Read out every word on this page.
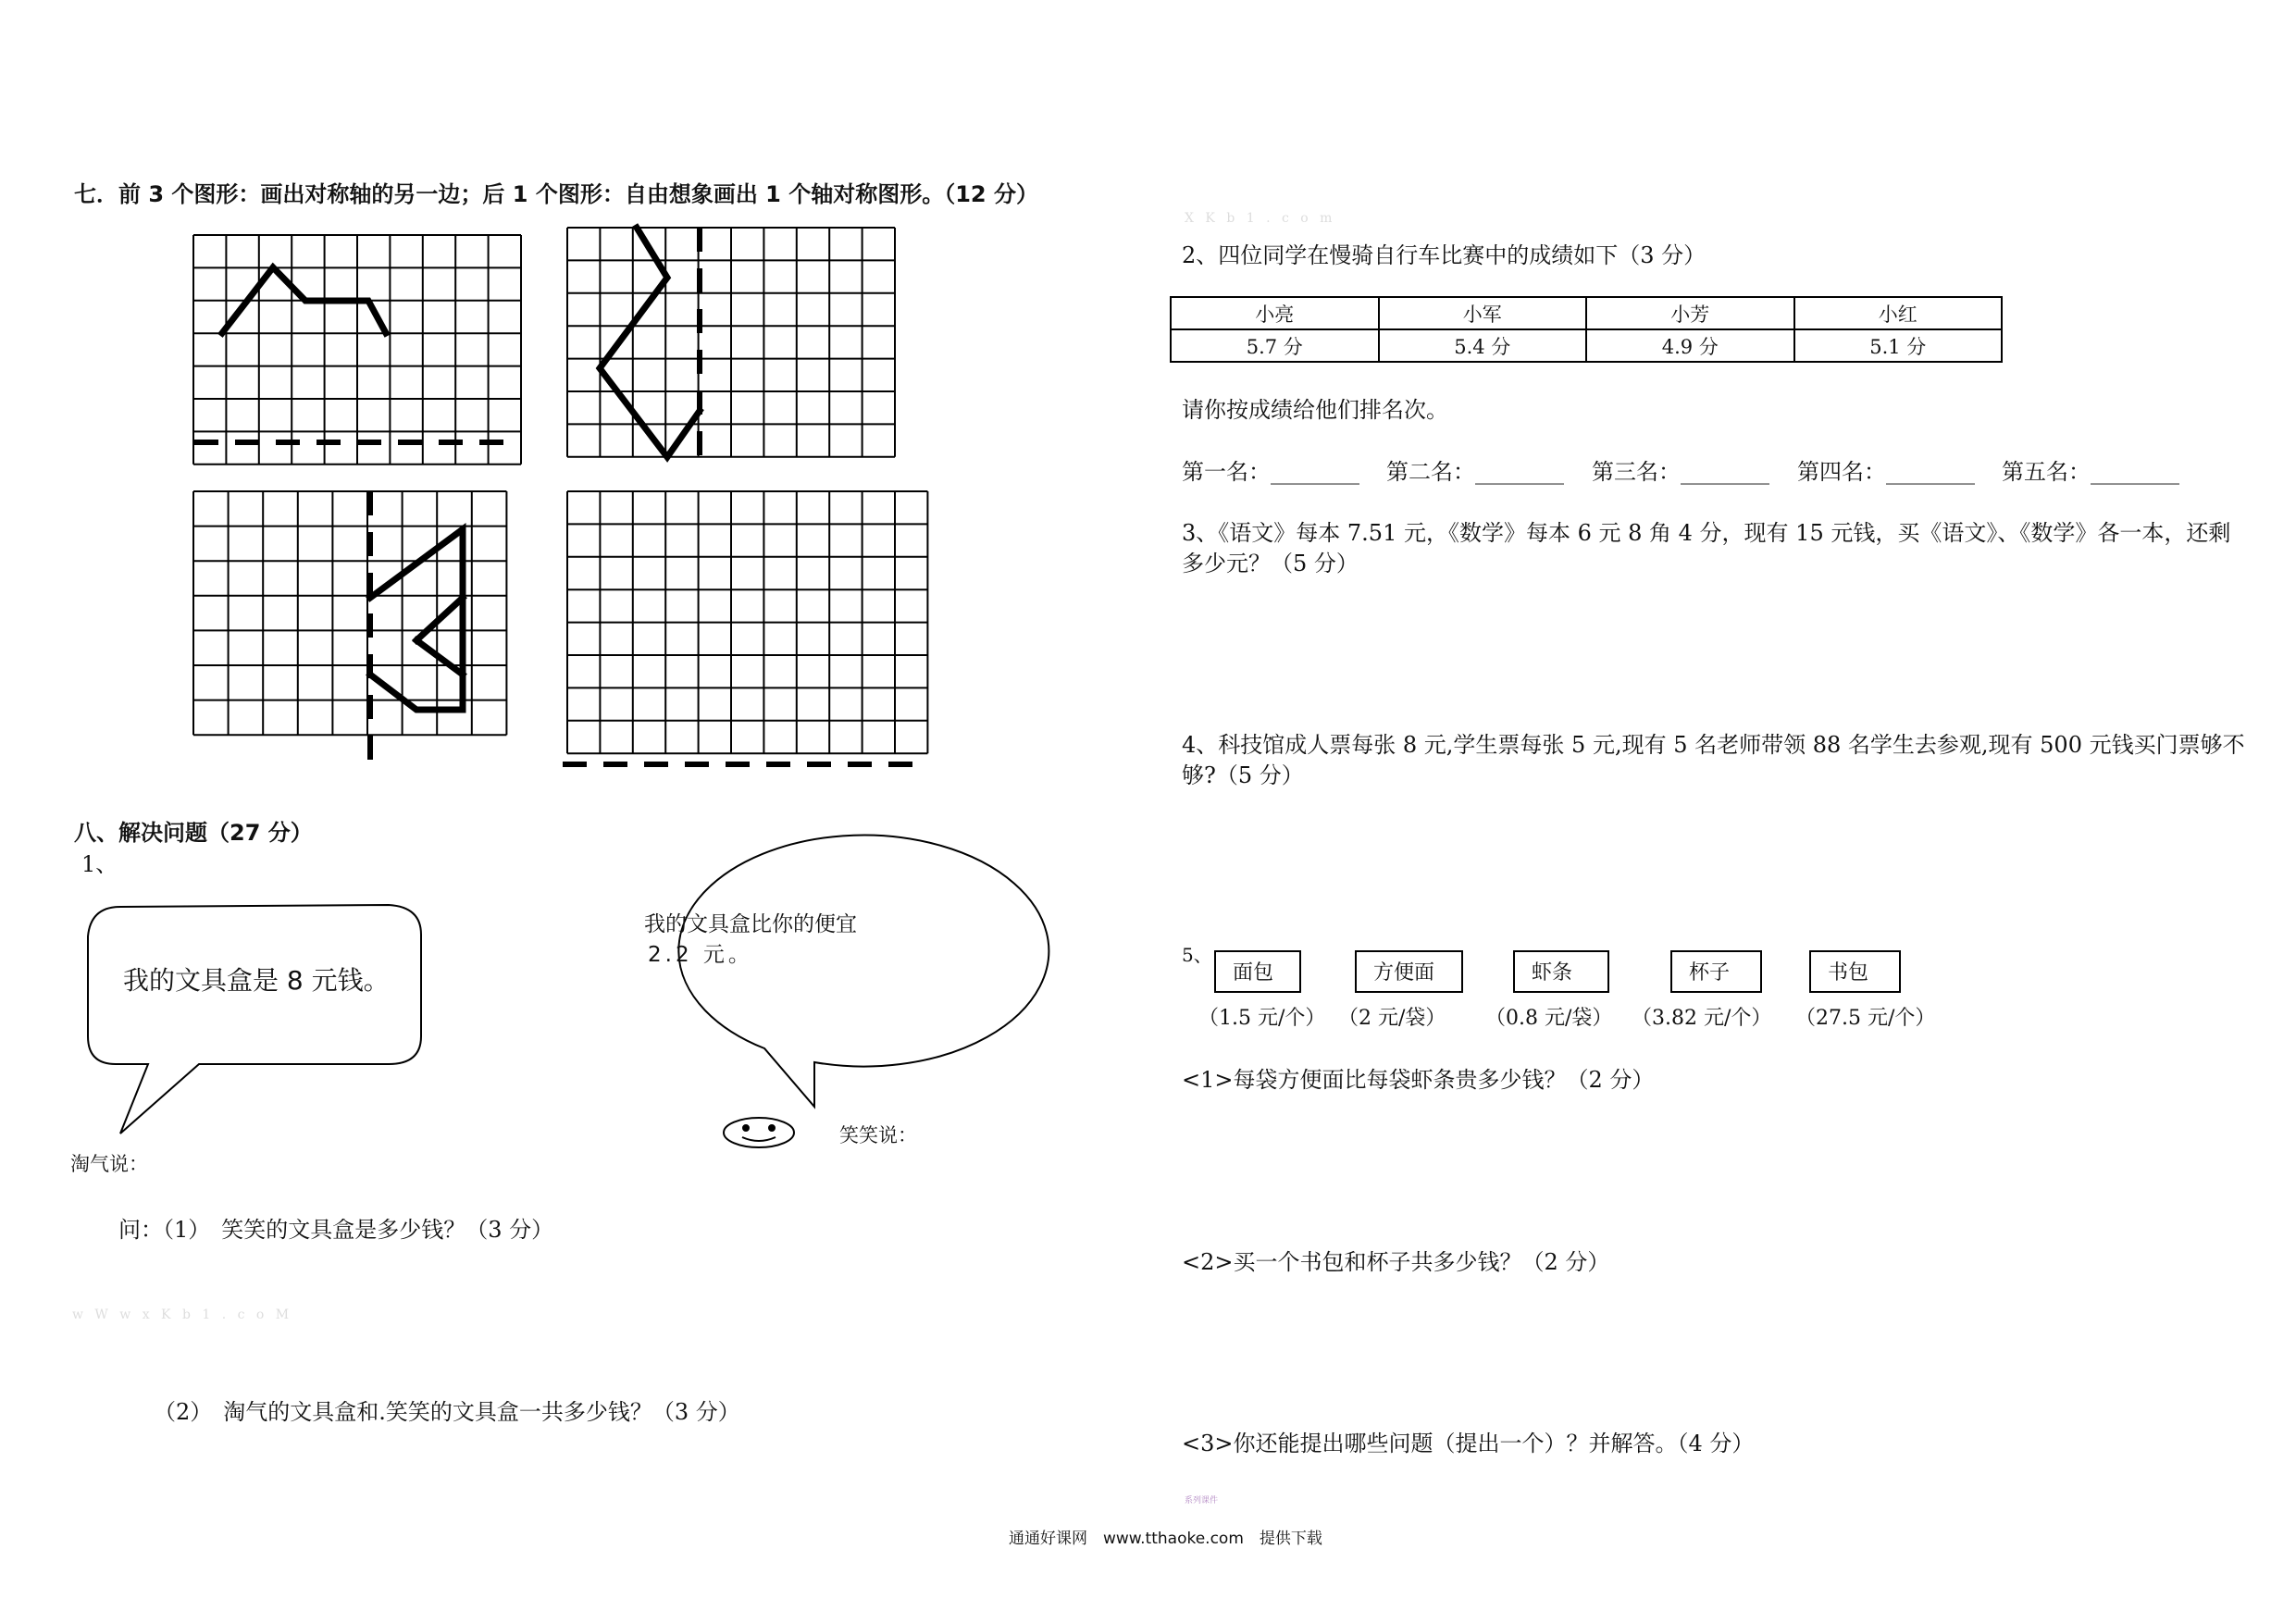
七．前 3 个图形：画出对称轴的另一边；后 1 个图形：自由想象画出 1 个轴对称图形。（12 分）
我的文具盒是 8 元钱。
我的文具盒比你的便宜
2.2 元。
八、解决问题（27 分）
1、
淘气说：
笑笑说：
问：（1）　笑笑的文具盒是多少钱？（3 分）
w W w x K b 1 . c o M
（2）　淘气的文具盒和.笑笑的文具盒一共多少钱？（3 分）
X K b 1 . c o m
2、四位同学在慢骑自行车比赛中的成绩如下（3 分）
小亮	小军	小芳	小红
5.7 分	5.4 分	4.9 分	5.1 分
请你按成绩给他们排名次。
第一名：________ 第二名：________ 第三名：________ 第四名：________ 第五名：________
3、《语文》每本 7.51 元，《数学》每本 6 元 8 角 4 分，现有 15 元钱，买《语文》、《数学》各一本，还剩
多少元？（5 分）
4、科技馆成人票每张 8 元,学生票每张 5 元,现有 5 名老师带领 88 名学生去参观,现有 500 元钱买门票够不
够?（5 分）
5、
面包	方便面	虾条	杯子	书包
（1.5 元/个） （2 元/袋） （0.8 元/袋） （3.82 元/个） （27.5 元/个）
<1>每袋方便面比每袋虾条贵多少钱？（2 分）
<2>买一个书包和杯子共多少钱？（2 分）
<3>你还能提出哪些问题（提出一个）？并解答。（4 分）
系列课件
通通好课网　www.tthaoke.com　提供下载
